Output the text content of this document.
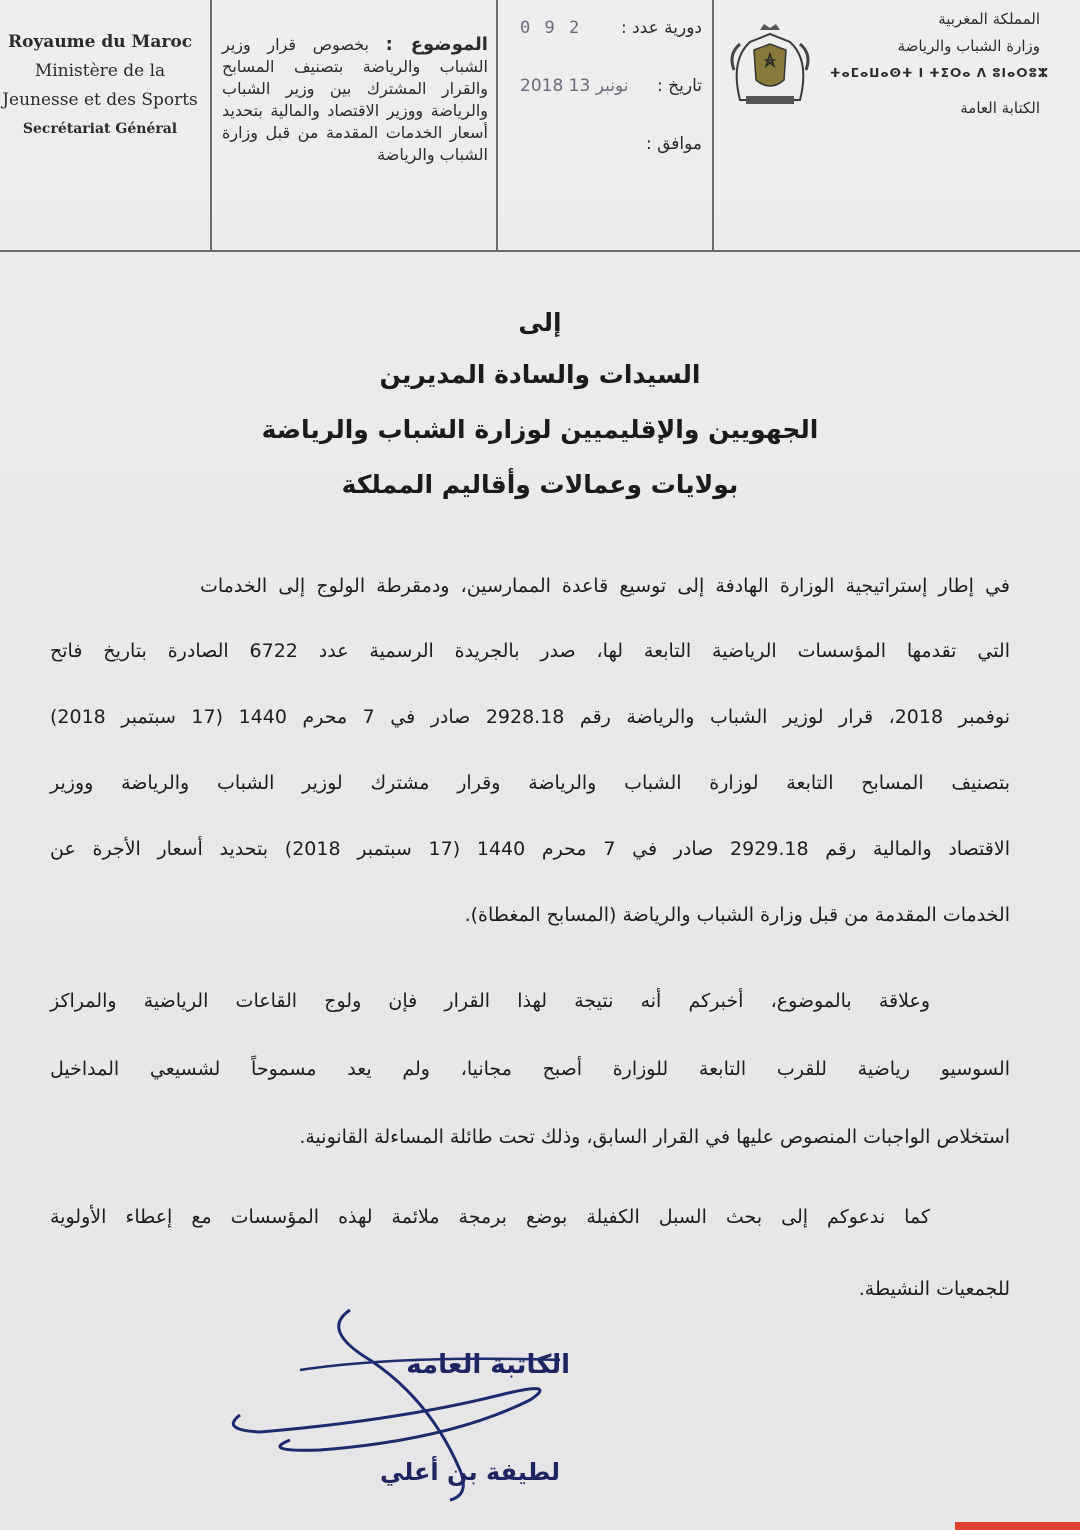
Royaume du Maroc
Ministère de la
Jeunesse et des Sports
Secrétariat Général
الموضوع : بخصوص قرار وزير الشباب والرياضة بتصنيف المسابح والقرار المشترك بين وزير الشباب والرياضة ووزير الاقتصاد والمالية بتحديد أسعار الخدمات المقدمة من قبل وزارة الشباب والرياضة
دورية عدد :
0 9 2
تاريخ :
2018 نونبر 13
موافق :
المملكة المغربية
وزارة الشباب والرياضة
ⵜⴰⵎⴰⵡⴰⵙⵜ ⵏ ⵜⵉⵔⴰ ⴷ ⵓⵏⴰⵔⵓⵣ
الكتابة العامة
إلى
السيدات والسادة المديرين
الجهويين والإقليميين لوزارة الشباب والرياضة
بولايات وعمالات وأقاليم المملكة
في إطار إستراتيجية الوزارة الهادفة إلى توسيع قاعدة الممارسين، ودمقرطة الولوج إلى الخدمات
التي تقدمها المؤسسات الرياضية التابعة لها، صدر بالجريدة الرسمية عدد 6722 الصادرة بتاريخ فاتح
نوفمبر 2018، قرار لوزير الشباب والرياضة رقم 2928.18 صادر في 7 محرم 1440 (17 سبتمبر 2018)
بتصنيف المسابح التابعة لوزارة الشباب والرياضة وقرار مشترك لوزير الشباب والرياضة ووزير
الاقتصاد والمالية رقم 2929.18 صادر في 7 محرم 1440 (17 سبتمبر 2018) بتحديد أسعار الأجرة عن
الخدمات المقدمة من قبل وزارة الشباب والرياضة (المسابح المغطاة).
وعلاقة بالموضوع، أخبركم أنه نتيجة لهذا القرار فإن ولوج القاعات الرياضية والمراكز
السوسيو رياضية للقرب التابعة للوزارة أصبح مجانيا، ولم يعد مسموحاً لشسيعي المداخيل
استخلاص الواجبات المنصوص عليها في القرار السابق، وذلك تحت طائلة المساءلة القانونية.
كما ندعوكم إلى بحث السبل الكفيلة بوضع برمجة ملائمة لهذه المؤسسات مع إعطاء الأولوية
للجمعيات النشيطة.
الكاتبة العامة
لطيفة بن أعلي
